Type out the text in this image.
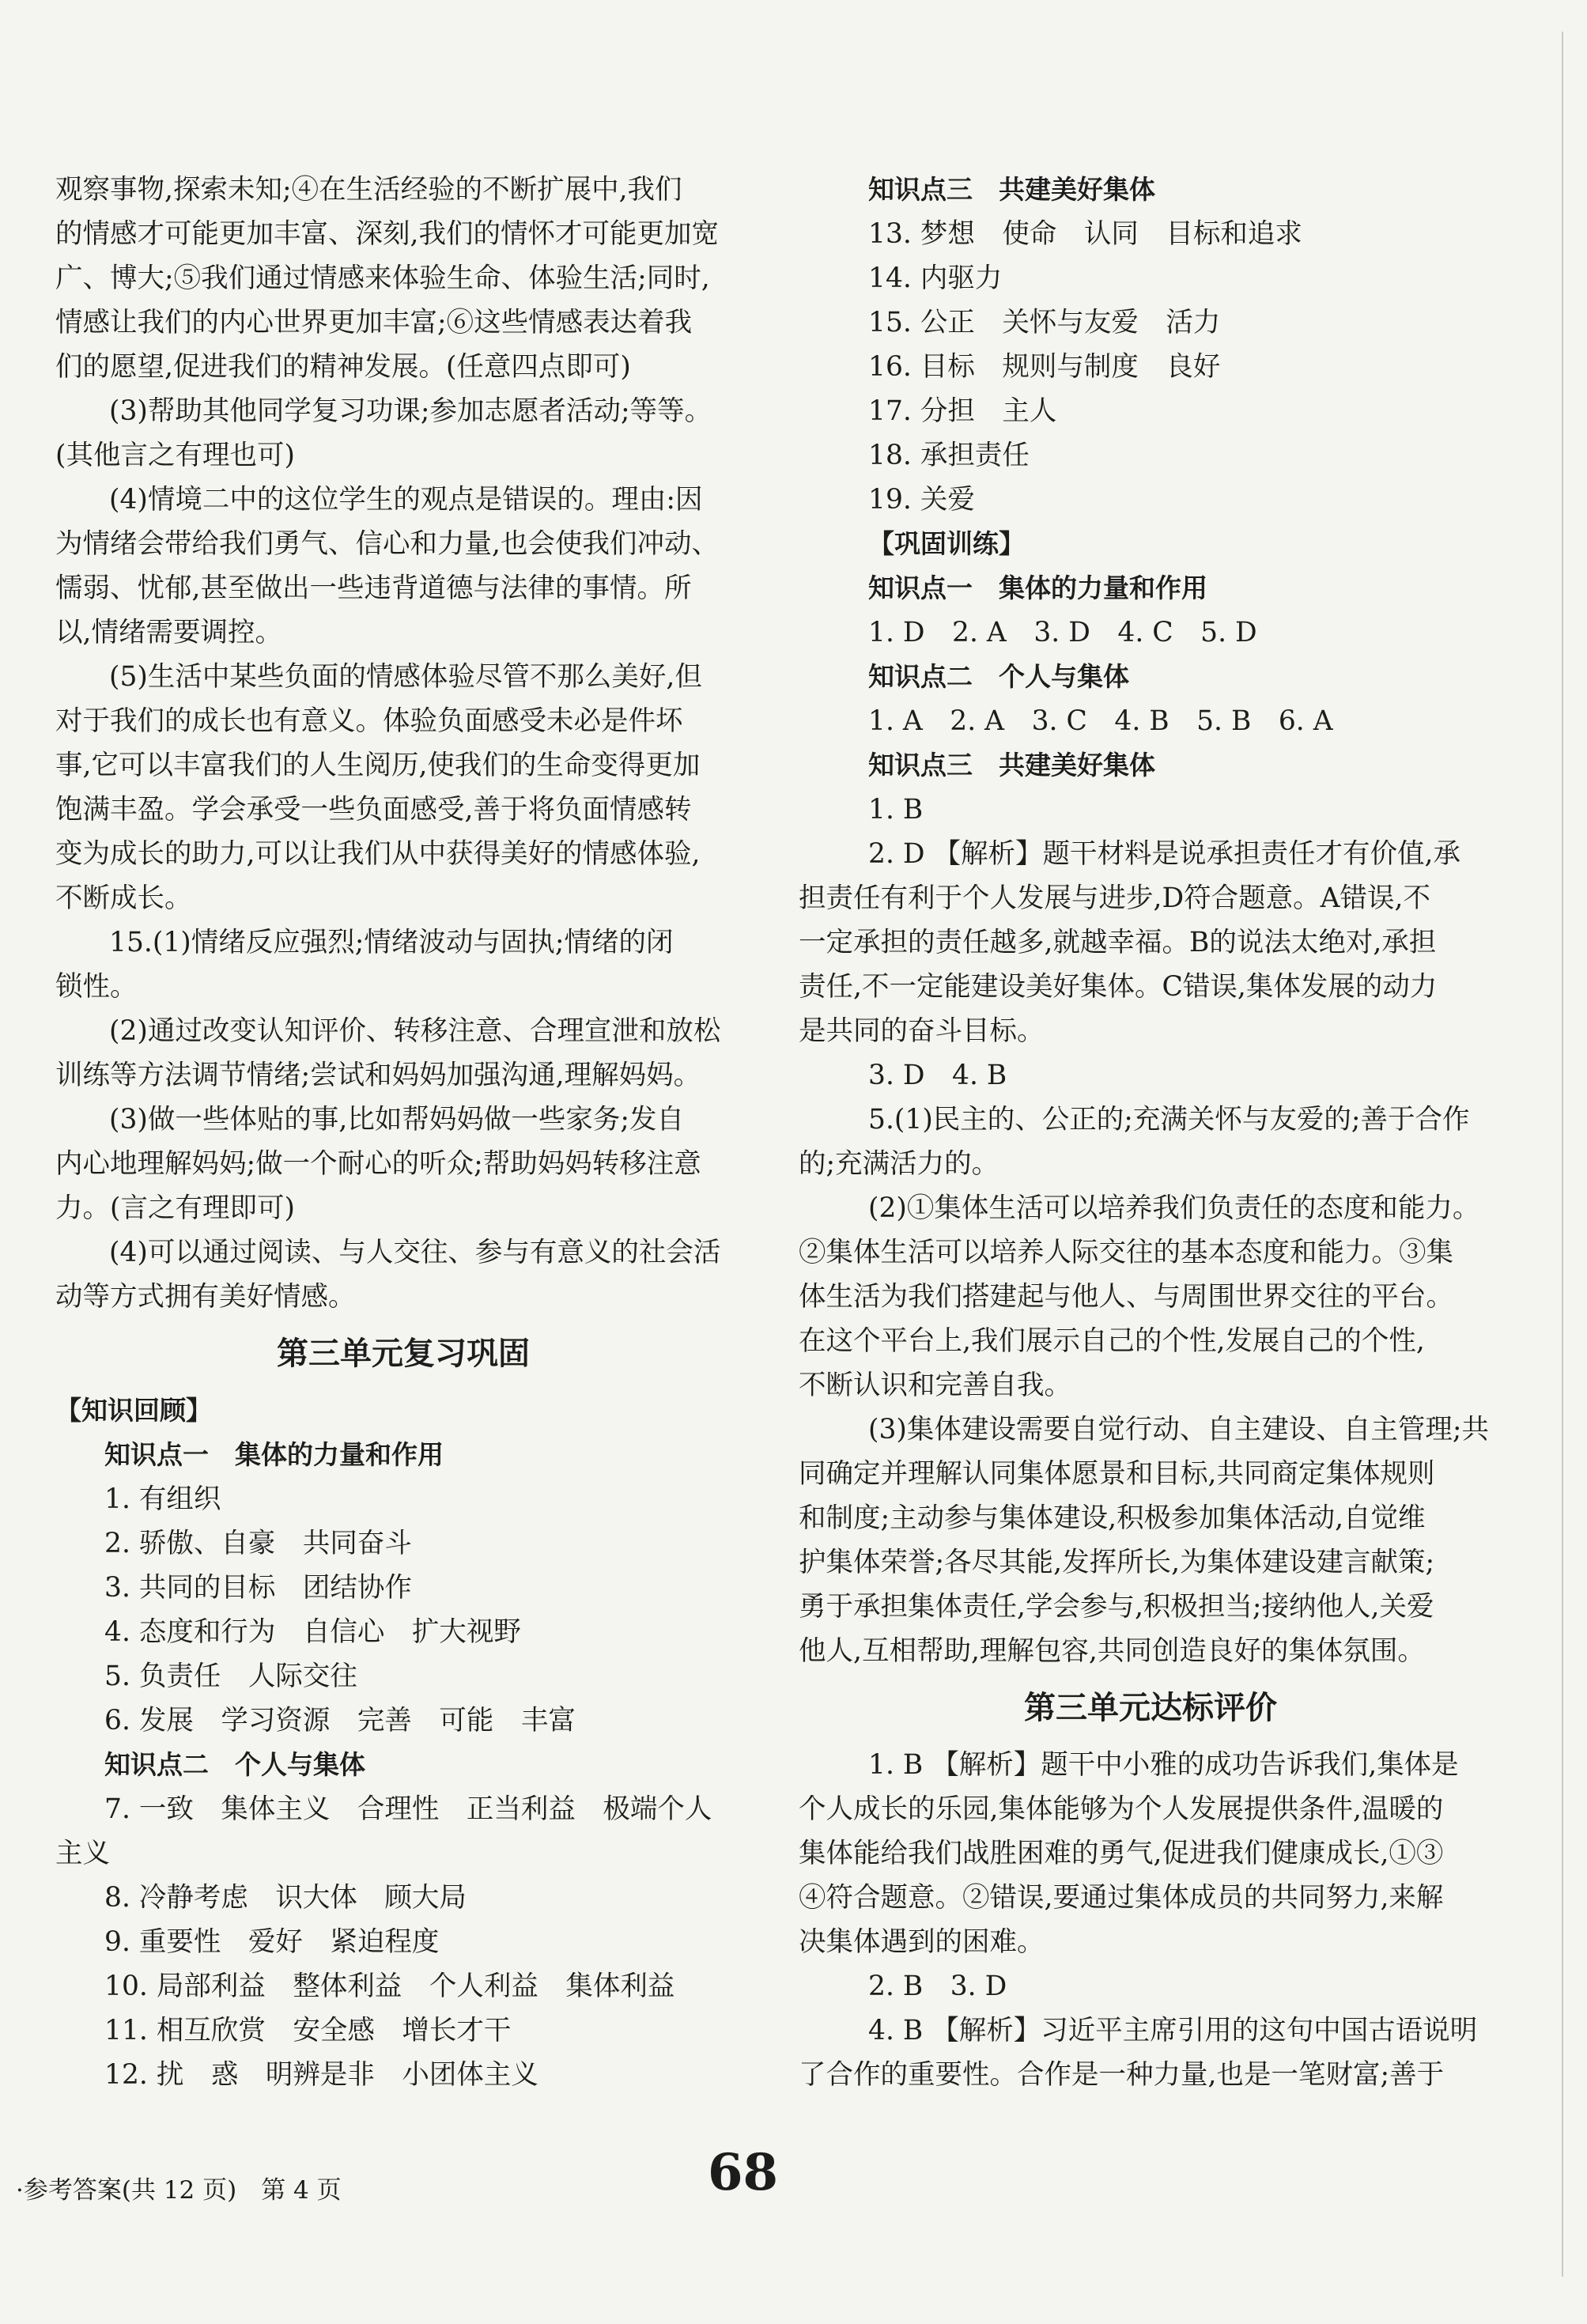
观察事物,探索未知;④在生活经验的不断扩展中,我们
的情感才可能更加丰富、深刻,我们的情怀才可能更加宽
广、博大;⑤我们通过情感来体验生命、体验生活;同时,
情感让我们的内心世界更加丰富;⑥这些情感表达着我
们的愿望,促进我们的精神发展。(任意四点即可)
(3)帮助其他同学复习功课;参加志愿者活动;等等。
(其他言之有理也可)
(4)情境二中的这位学生的观点是错误的。理由:因
为情绪会带给我们勇气、信心和力量,也会使我们冲动、
懦弱、忧郁,甚至做出一些违背道德与法律的事情。所
以,情绪需要调控。
(5)生活中某些负面的情感体验尽管不那么美好,但
对于我们的成长也有意义。体验负面感受未必是件坏
事,它可以丰富我们的人生阅历,使我们的生命变得更加
饱满丰盈。学会承受一些负面感受,善于将负面情感转
变为成长的助力,可以让我们从中获得美好的情感体验,
不断成长。
15.(1)情绪反应强烈;情绪波动与固执;情绪的闭
锁性。
(2)通过改变认知评价、转移注意、合理宣泄和放松
训练等方法调节情绪;尝试和妈妈加强沟通,理解妈妈。
(3)做一些体贴的事,比如帮妈妈做一些家务;发自
内心地理解妈妈;做一个耐心的听众;帮助妈妈转移注意
力。(言之有理即可)
(4)可以通过阅读、与人交往、参与有意义的社会活
动等方式拥有美好情感。
第三单元复习巩固
【知识回顾】
知识点一　集体的力量和作用
1. 有组织
2. 骄傲、自豪　共同奋斗
3. 共同的目标　团结协作
4. 态度和行为　自信心　扩大视野
5. 负责任　人际交往
6. 发展　学习资源　完善　可能　丰富
知识点二　个人与集体
7. 一致　集体主义　合理性　正当利益　极端个人
主义
8. 冷静考虑　识大体　顾大局
9. 重要性　爱好　紧迫程度
10. 局部利益　整体利益　个人利益　集体利益
11. 相互欣赏　安全感　增长才干
12. 扰　惑　明辨是非　小团体主义
知识点三　共建美好集体
13. 梦想　使命　认同　目标和追求
14. 内驱力
15. 公正　关怀与友爱　活力
16. 目标　规则与制度　良好
17. 分担　主人
18. 承担责任
19. 关爱
【巩固训练】
知识点一　集体的力量和作用
1. D　2. A　3. D　4. C　5. D
知识点二　个人与集体
1. A　2. A　3. C　4. B　5. B　6. A
知识点三　共建美好集体
1. B
2. D 【解析】题干材料是说承担责任才有价值,承
担责任有利于个人发展与进步,D符合题意。A错误,不
一定承担的责任越多,就越幸福。B的说法太绝对,承担
责任,不一定能建设美好集体。C错误,集体发展的动力
是共同的奋斗目标。
3. D　4. B
5.(1)民主的、公正的;充满关怀与友爱的;善于合作
的;充满活力的。
(2)①集体生活可以培养我们负责任的态度和能力。
②集体生活可以培养人际交往的基本态度和能力。③集
体生活为我们搭建起与他人、与周围世界交往的平台。
在这个平台上,我们展示自己的个性,发展自己的个性,
不断认识和完善自我。
(3)集体建设需要自觉行动、自主建设、自主管理;共
同确定并理解认同集体愿景和目标,共同商定集体规则
和制度;主动参与集体建设,积极参加集体活动,自觉维
护集体荣誉;各尽其能,发挥所长,为集体建设建言献策;
勇于承担集体责任,学会参与,积极担当;接纳他人,关爱
他人,互相帮助,理解包容,共同创造良好的集体氛围。
第三单元达标评价
1. B 【解析】题干中小雅的成功告诉我们,集体是
个人成长的乐园,集体能够为个人发展提供条件,温暖的
集体能给我们战胜困难的勇气,促进我们健康成长,①③
④符合题意。②错误,要通过集体成员的共同努力,来解
决集体遇到的困难。
2. B　3. D
4. B 【解析】习近平主席引用的这句中国古语说明
了合作的重要性。合作是一种力量,也是一笔财富;善于
·参考答案(共 12 页)　第 4 页	68
